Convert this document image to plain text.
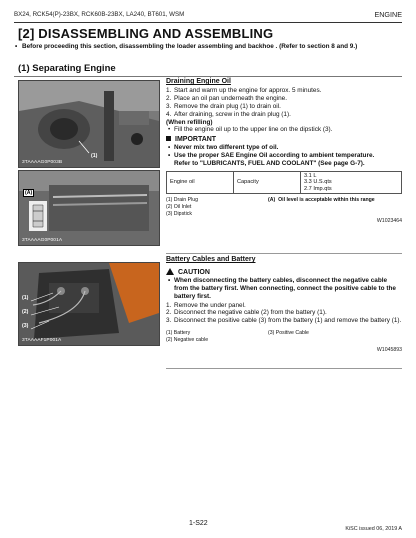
BX24, RCK54(P)-23BX, RCK60B-23BX, LA240, BT601, WSM	ENGINE
[2] DISASSEMBLING AND ASSEMBLING
• Before proceeding this section, disassembling the loader assembling and backhoe . (Refer to section 8 and 9.)
(1) Separating Engine
(1)
3TAAAAG0P003B
(A)
3TAAAAG0P001A
(1)
(2)
(3)
3TAAAAF1P001A
Draining Engine Oil
1. Start and warm up the engine for approx. 5 minutes.
2. Place an oil pan underneath the engine.
3. Remove the drain plug (1) to drain oil.
4. After draining, screw in the drain plug (1).
(When refilling)
• Fill the engine oil up to the upper line on the dipstick (3).
IMPORTANT
• Never mix two different type of oil.
• Use the proper SAE Engine Oil according to ambient temperature.
Refer to "LUBRICANTS, FUEL AND COOLANT" (See page G-7).
Engine oil	Capacity	
3.1 L
3.3 U.S.qts
2.7 Imp.qts
(1) Drain Plug
(2) Oil Inlet
(3) Dipstick
(A) Oil level is acceptable within this range
W1023464
Battery Cables and Battery
CAUTION
• When disconnecting the battery cables, disconnect the negative cable from the battery first. When connecting, connect the positive cable to the battery first.
1. Remove the under panel.
2. Disconnect the negative cable (2) from the battery (1).
3. Disconnect the positive cable (3) from the battery (1) and remove the battery (1).
(1) Battery
(2) Negative cable
(3) Positive Cable
W1045893
1-S22
KiSC issued 06, 2019 A
